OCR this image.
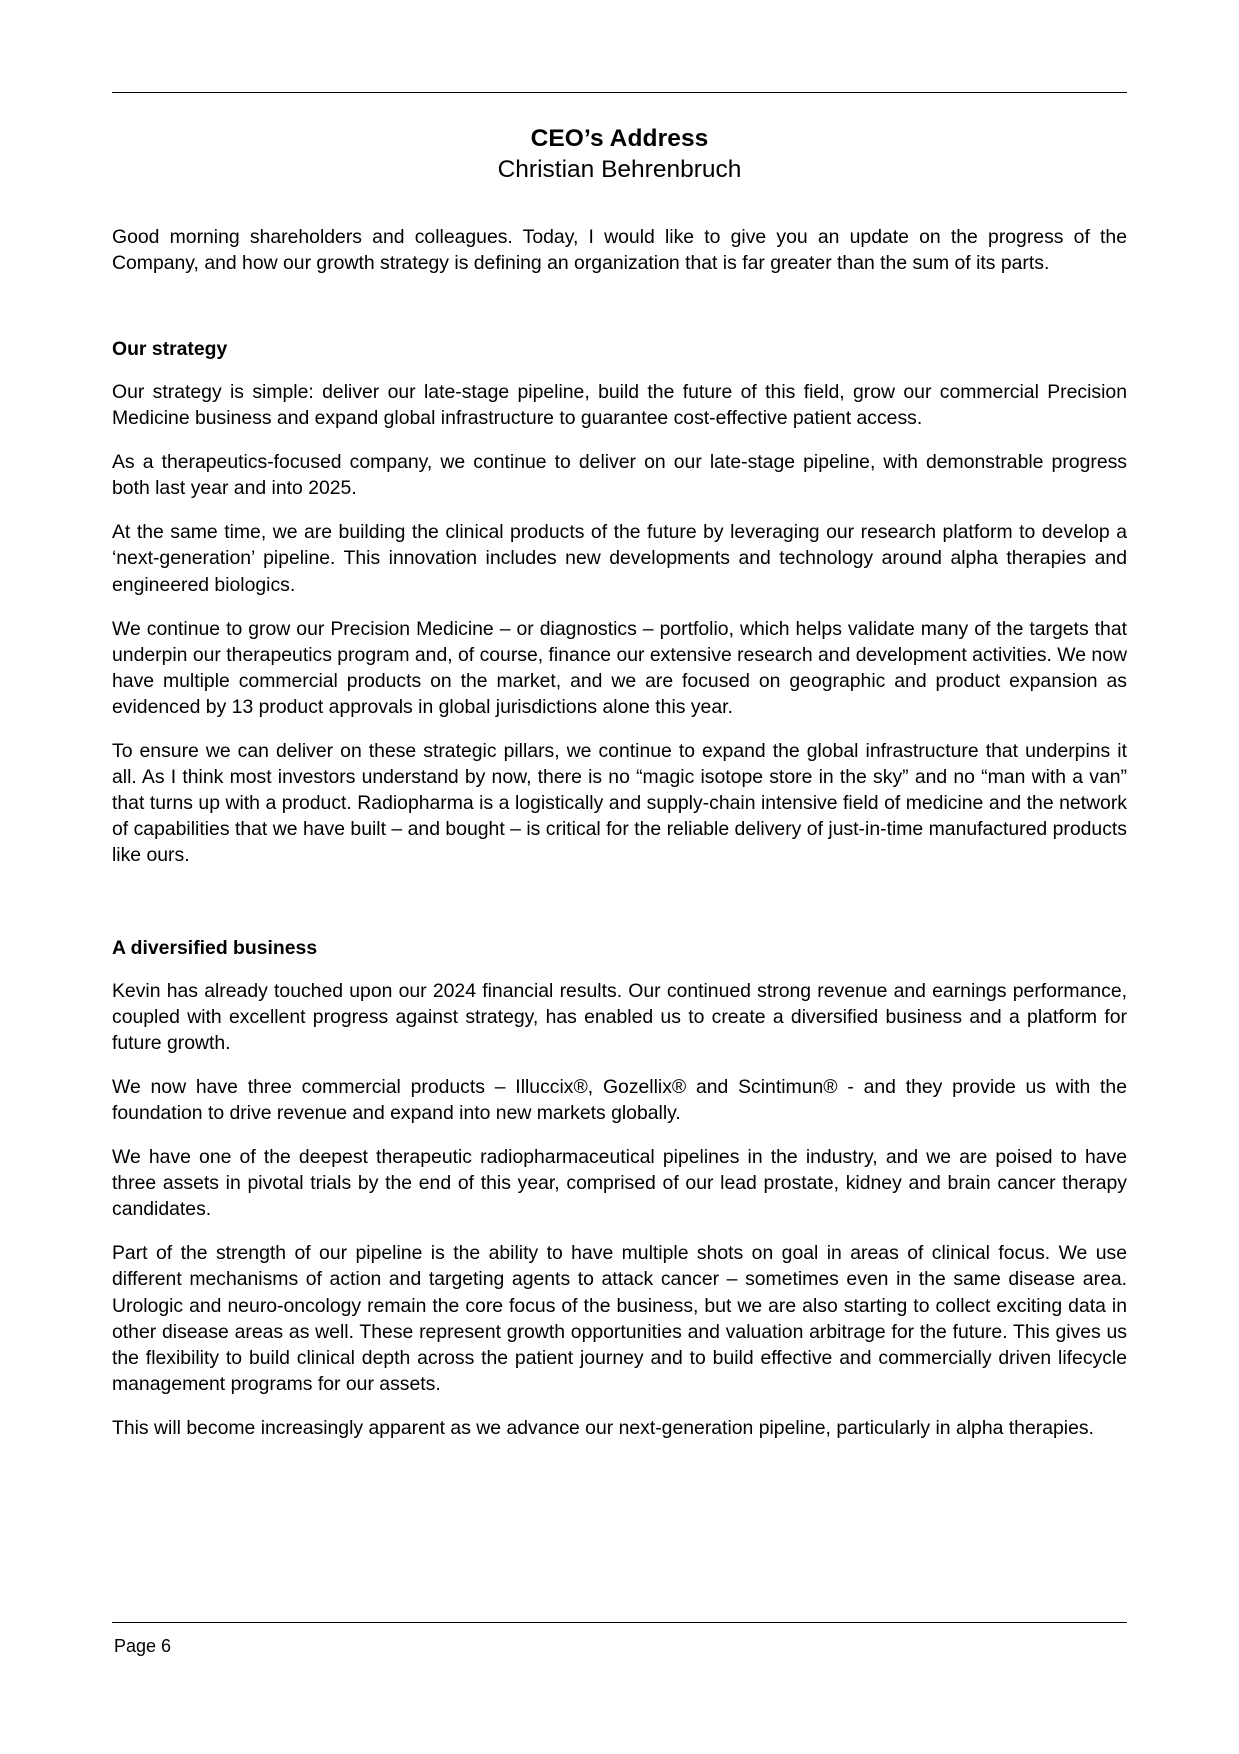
CEO’s Address
Christian Behrenbruch

Good morning shareholders and colleagues. Today, I would like to give you an update on the progress of the Company, and how our growth strategy is defining an organization that is far greater than the sum of its parts.

Our strategy

Our strategy is simple: deliver our late-stage pipeline, build the future of this field, grow our commercial Precision Medicine business and expand global infrastructure to guarantee cost-effective patient access.

As a therapeutics-focused company, we continue to deliver on our late-stage pipeline, with demonstrable progress both last year and into 2025.

At the same time, we are building the clinical products of the future by leveraging our research platform to develop a ‘next-generation’ pipeline. This innovation includes new developments and technology around alpha therapies and engineered biologics.

We continue to grow our Precision Medicine – or diagnostics – portfolio, which helps validate many of the targets that underpin our therapeutics program and, of course, finance our extensive research and development activities. We now have multiple commercial products on the market, and we are focused on geographic and product expansion as evidenced by 13 product approvals in global jurisdictions alone this year.

To ensure we can deliver on these strategic pillars, we continue to expand the global infrastructure that underpins it all. As I think most investors understand by now, there is no “magic isotope store in the sky” and no “man with a van” that turns up with a product. Radiopharma is a logistically and supply-chain intensive field of medicine and the network of capabilities that we have built – and bought – is critical for the reliable delivery of just-in-time manufactured products like ours.

A diversified business

Kevin has already touched upon our 2024 financial results. Our continued strong revenue and earnings performance, coupled with excellent progress against strategy, has enabled us to create a diversified business and a platform for future growth.

We now have three commercial products – Illuccix®, Gozellix® and Scintimun® - and they provide us with the foundation to drive revenue and expand into new markets globally.

We have one of the deepest therapeutic radiopharmaceutical pipelines in the industry, and we are poised to have three assets in pivotal trials by the end of this year, comprised of our lead prostate, kidney and brain cancer therapy candidates.

Part of the strength of our pipeline is the ability to have multiple shots on goal in areas of clinical focus. We use different mechanisms of action and targeting agents to attack cancer – sometimes even in the same disease area. Urologic and neuro-oncology remain the core focus of the business, but we are also starting to collect exciting data in other disease areas as well. These represent growth opportunities and valuation arbitrage for the future. This gives us the flexibility to build clinical depth across the patient journey and to build effective and commercially driven lifecycle management programs for our assets.

This will become increasingly apparent as we advance our next-generation pipeline, particularly in alpha therapies.

Page 6
